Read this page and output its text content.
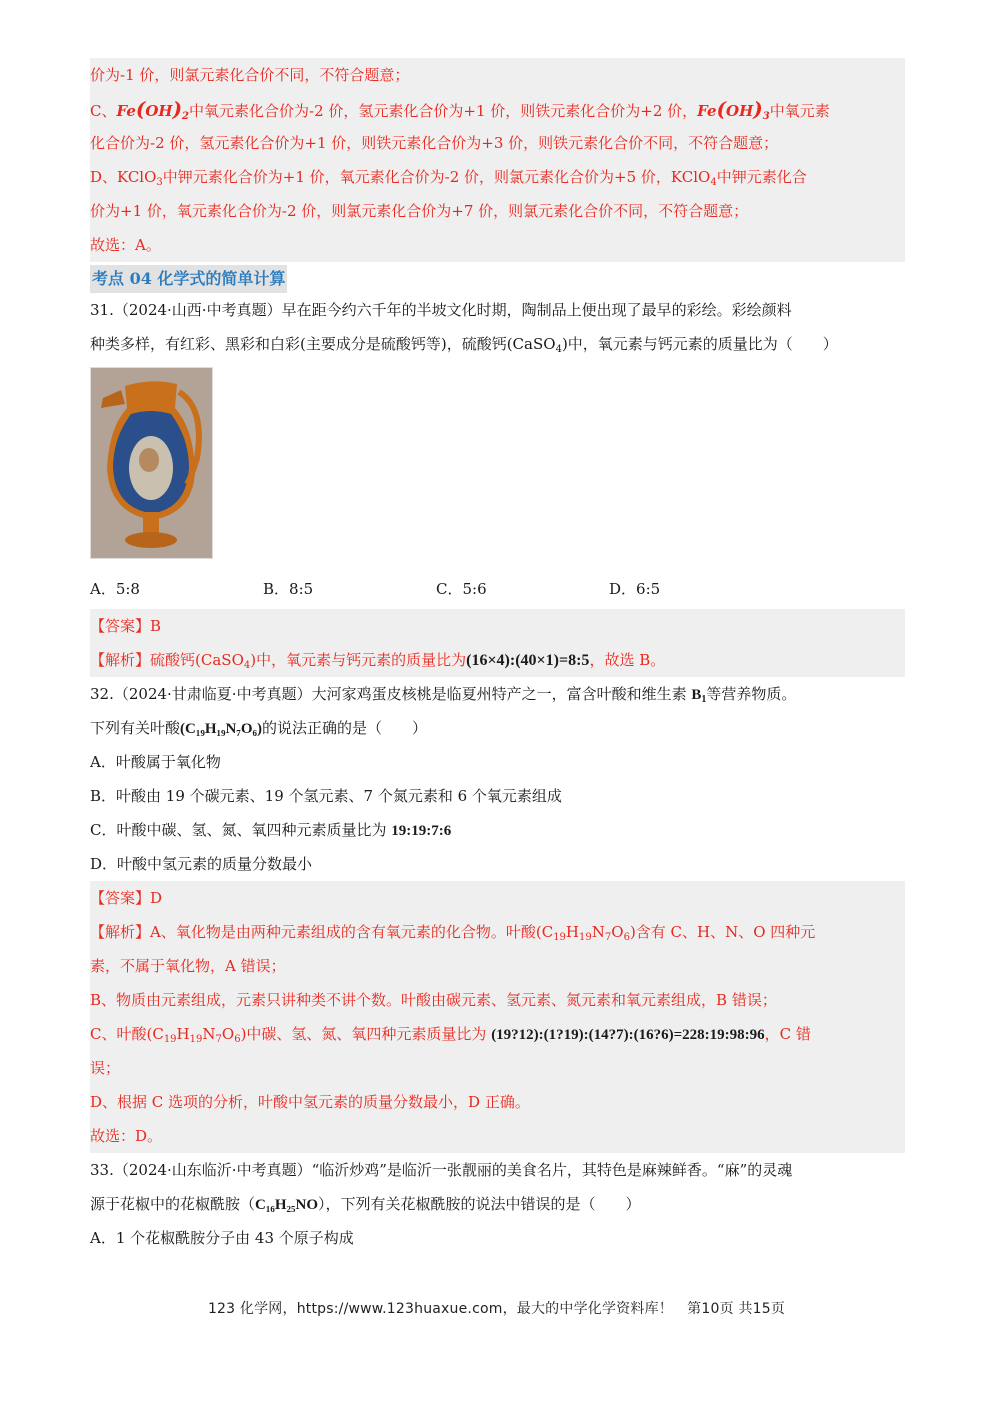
价为-1 价，则氯元素化合价不同，不符合题意；
C、$Fe(OH)_2$中氧元素化合价为-2 价，氢元素化合价为+1 价，则铁元素化合价为+2 价，$Fe(OH)_3$中氧元素
化合价为-2 价，氢元素化合价为+1 价，则铁元素化合价为+3 价，则铁元素化合价不同，不符合题意；
D、KClO$_3$中钾元素化合价为+1 价，氧元素化合价为-2 价，则氯元素化合价为+5 价，KClO$_4$中钾元素化合
价为+1 价，氧元素化合价为-2 价，则氯元素化合价为+7 价，则氯元素化合价不同，不符合题意；
故选：A。
考点 04 化学式的简单计算
31.（2024·山西·中考真题）早在距今约六千年的半坡文化时期，陶制品上便出现了最早的彩绘。彩绘颜料
种类多样，有红彩、黑彩和白彩(主要成分是硫酸钙等)，硫酸钙(CaSO$_4$)中，氧元素与钙元素的质量比为（　　）
A．5:8	B．8:5	C．5:6	D．6:5
【答案】B
【解析】硫酸钙(CaSO$_4$)中，氧元素与钙元素的质量比为(16×4):(40×1)=8:5，故选 B。
32.（2024·甘肃临夏·中考真题）大河家鸡蛋皮核桃是临夏州特产之一，富含叶酸和维生素 $B_1$等营养物质。
下列有关叶酸(C₁₉H₁₉N₇O₆)的说法正确的是（　　）
A．叶酸属于氧化物
B．叶酸由 19 个碳元素、19 个氢元素、7 个氮元素和 6 个氧元素组成
C．叶酸中碳、氢、氮、氧四种元素质量比为 19:19:7:6
D．叶酸中氢元素的质量分数最小
【答案】D
【解析】A、氧化物是由两种元素组成的含有氧元素的化合物。叶酸$(C_{19}H_{19}N_7O_6)$含有 C、H、N、O 四种元
素，不属于氧化物，A 错误；
B、物质由元素组成，元素只讲种类不讲个数。叶酸由碳元素、氢元素、氮元素和氧元素组成，B 错误；
C、叶酸$(C_{19}H_{19}N_7O_6)$中碳、氢、氮、氧四种元素质量比为 (19?12):(1?19):(14?7):(16?6)=228:19:98:96，C 错
误；
D、根据 C 选项的分析，叶酸中氢元素的质量分数最小，D 正确。
故选：D。
33.（2024·山东临沂·中考真题）“临沂炒鸡”是临沂一张靓丽的美食名片，其特色是麻辣鲜香。“麻”的灵魂
源于花椒中的花椒酰胺（C₁₆H₂₅NO），下列有关花椒酰胺的说法中错误的是（　　）
A．1 个花椒酰胺分子由 43 个原子构成
123 化学网，https://www.123huaxue.com，最大的中学化学资料库！　第10页 共15页
